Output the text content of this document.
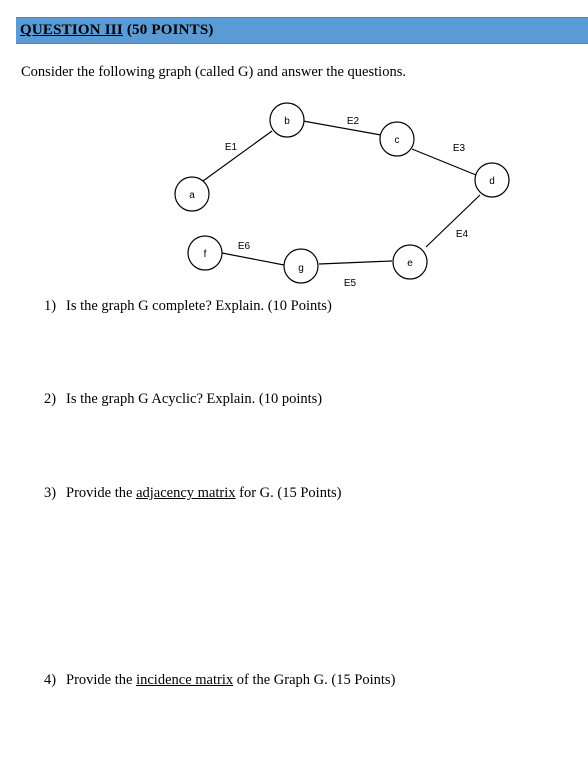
QUESTION III (50 POINTS)
Consider the following graph (called G) and answer the questions.
a
b
c
d
e
f
g
E1
E2
E3
E4
E5
E6
1) Is the graph G complete? Explain. (10 Points)
2) Is the graph G Acyclic? Explain. (10 points)
3) Provide the adjacency matrix for G. (15 Points)
4) Provide the incidence matrix of the Graph G. (15 Points)
